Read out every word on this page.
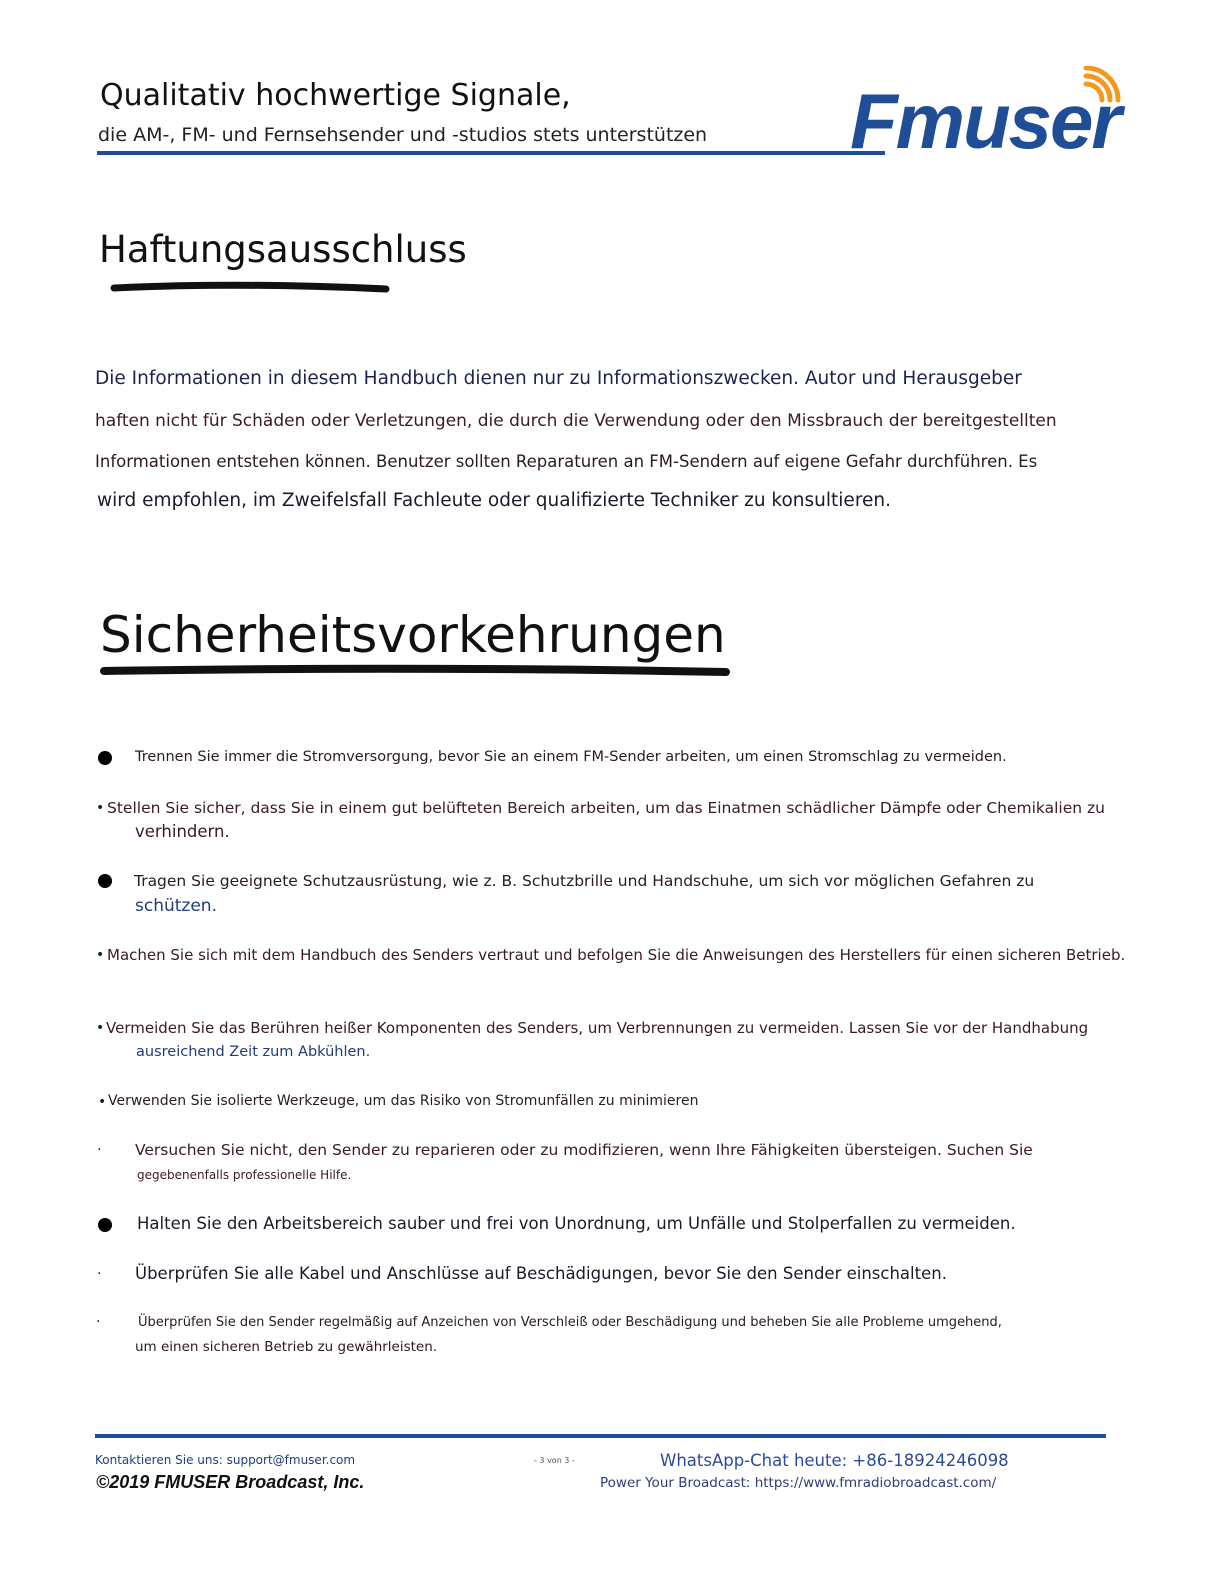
Qualitativ hochwertige Signale,
die AM-, FM- und Fernsehsender und -studios stets unterstützen Fmuser
Haftungsausschluss
Die Informationen in diesem Handbuch dienen nur zu Informationszwecken. Autor und Herausgeber
haften nicht für Schäden oder Verletzungen, die durch die Verwendung oder den Missbrauch der bereitgestellten
Informationen entstehen können. Benutzer sollten Reparaturen an FM-Sendern auf eigene Gefahr durchführen. Es
wird empfohlen, im Zweifelsfall Fachleute oder qualifizierte Techniker zu konsultieren.
Sicherheitsvorkehrungen
Trennen Sie immer die Stromversorgung, bevor Sie an einem FM-Sender arbeiten, um einen Stromschlag zu vermeiden.
• Stellen Sie sicher, dass Sie in einem gut belüfteten Bereich arbeiten, um das Einatmen schädlicher Dämpfe oder Chemikalien zu
verhindern.
Tragen Sie geeignete Schutzausrüstung, wie z. B. Schutzbrille und Handschuhe, um sich vor möglichen Gefahren zu
schützen.
• Machen Sie sich mit dem Handbuch des Senders vertraut und befolgen Sie die Anweisungen des Herstellers für einen sicheren Betrieb.
• Vermeiden Sie das Berühren heißer Komponenten des Senders, um Verbrennungen zu vermeiden. Lassen Sie vor der Handhabung
ausreichend Zeit zum Abkühlen.
• Verwenden Sie isolierte Werkzeuge, um das Risiko von Stromunfällen zu minimieren
· Versuchen Sie nicht, den Sender zu reparieren oder zu modifizieren, wenn Ihre Fähigkeiten übersteigen. Suchen Sie
gegebenenfalls professionelle Hilfe.
Halten Sie den Arbeitsbereich sauber und frei von Unordnung, um Unfälle und Stolperfallen zu vermeiden.
· Überprüfen Sie alle Kabel und Anschlüsse auf Beschädigungen, bevor Sie den Sender einschalten.
·	Überprüfen Sie den Sender regelmäßig auf Anzeichen von Verschleiß oder Beschädigung und beheben Sie alle Probleme umgehend,
um einen sicheren Betrieb zu gewährleisten.
Kontaktieren Sie uns: support@fmuser.com
©2019 FMUSER Broadcast, Inc.
- 3 von 3 -	WhatsApp-Chat heute: +86-18924246098
Power Your Broadcast: https://www.fmradiobroadcast.com/
